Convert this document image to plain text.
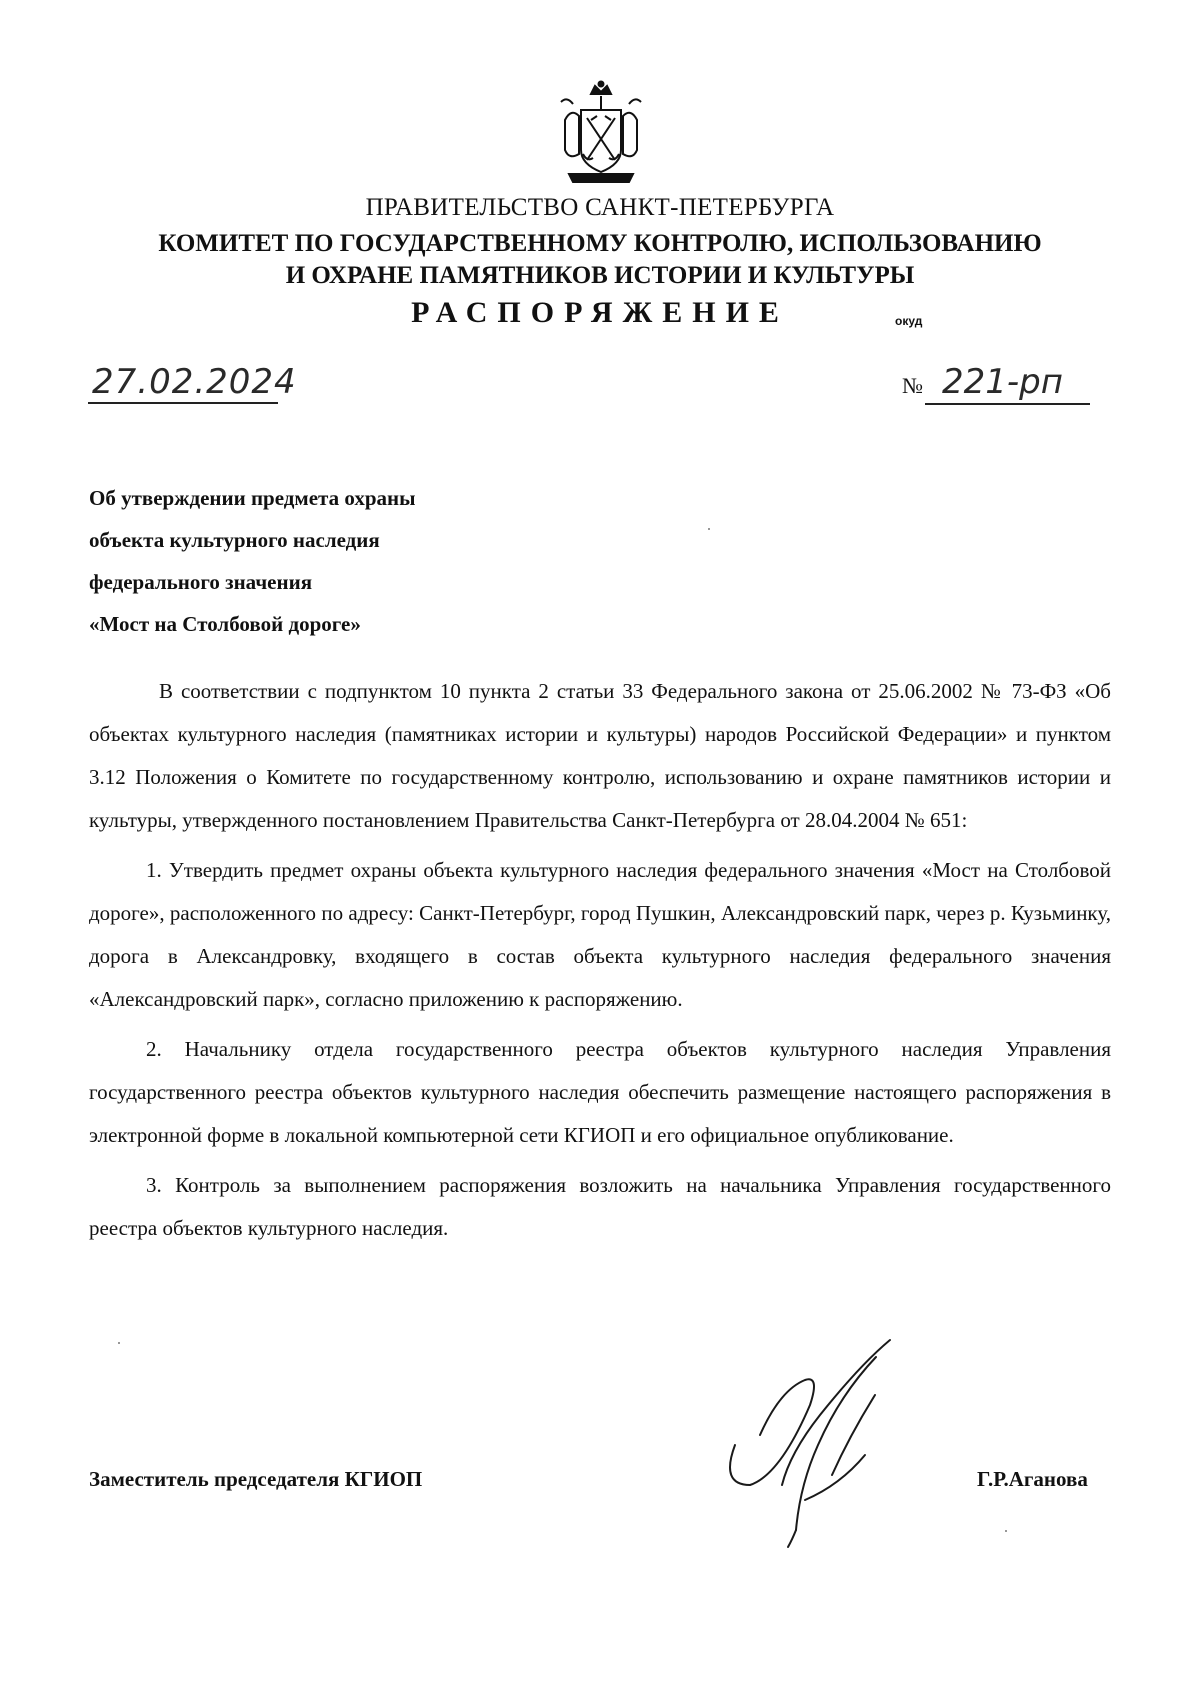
ПРАВИТЕЛЬСТВО САНКТ-ПЕТЕРБУРГА
КОМИТЕТ ПО ГОСУДАРСТВЕННОМУ КОНТРОЛЮ, ИСПОЛЬЗОВАНИЮ
И ОХРАНЕ ПАМЯТНИКОВ ИСТОРИИ И КУЛЬТУРЫ
РАСПОРЯЖЕНИЕ	окуд
27.02.2024	№ 221-рп
Об утверждении предмета охраны
объекта культурного наследия
федерального значения
«Мост на Столбовой дороге»

В соответствии с подпунктом 10 пункта 2 статьи 33 Федерального закона от 25.06.2002 № 73-ФЗ «Об объектах культурного наследия (памятниках истории и культуры) народов Российской Федерации» и пунктом 3.12 Положения о Комитете по государственному контролю, использованию и охране памятников истории и культуры, утвержденного постановлением Правительства Санкт-Петербурга от 28.04.2004 № 651:

1. Утвердить предмет охраны объекта культурного наследия федерального значения «Мост на Столбовой дороге», расположенного по адресу: Санкт-Петербург, город Пушкин, Александровский парк, через р. Кузьминку, дорога в Александровку, входящего в состав объекта культурного наследия федерального значения «Александровский парк», согласно приложению к распоряжению.

2. Начальнику отдела государственного реестра объектов культурного наследия Управления государственного реестра объектов культурного наследия обеспечить размещение настоящего распоряжения в электронной форме в локальной компьютерной сети КГИОП и его официальное опубликование.

3. Контроль за выполнением распоряжения возложить на начальника Управления государственного реестра объектов культурного наследия.

Заместитель председателя КГИОП	Г.Р.Аганова
